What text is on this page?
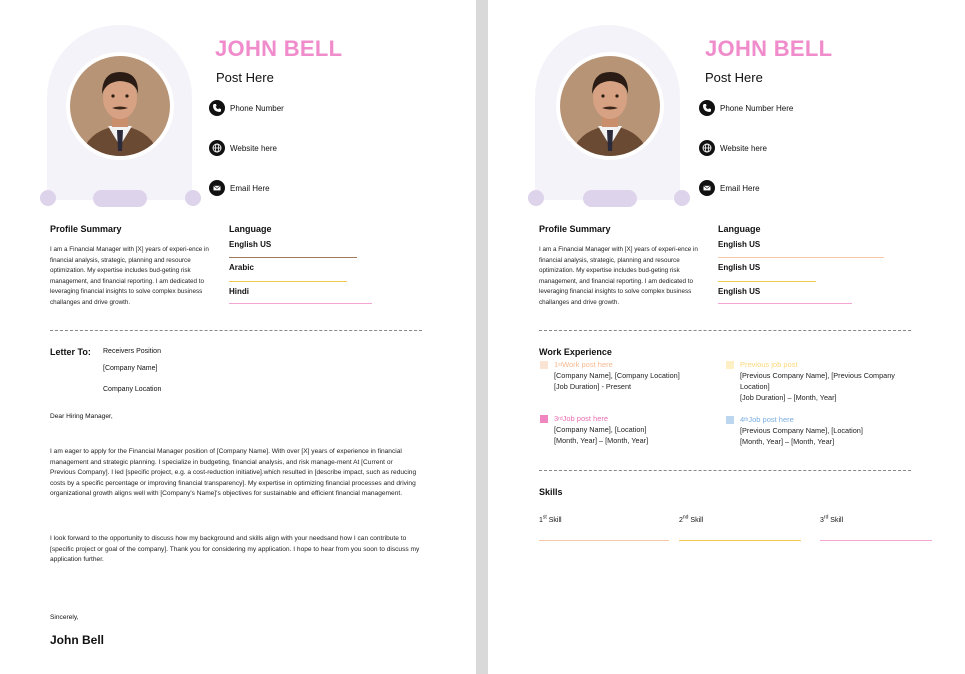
JOHN BELL
Post Here
Phone Number
Website here
Email Here
Profile Summary
I am a Financial Manager with [X] years of experi-ence in financial analysis, strategic, planning and resource optimization. My expertise includes bud-geting risk management, and financial reporting. I am dedicated to leveraging financial insights to solve complex business challanges and drive growth.
Language
English US
Arabic
Hindi
Letter To: Receivers Position
[Company Name]
Company Location
Dear Hiring Manager,
I am eager to apply for the Financial Manager position of [Company Name]. With over [X] years of experience in financial management and strategic planning. I specialize in budgeting, financial analysis, and risk manage-ment At [Current or Previous Company]. I led [specific project, e.g. a cost-reduction initiative].which resulted in [describe impact, such as reducing costs by a specific percentage or improving financial transparency]. My expertise in optimizing financial processes and driving organizational growth aligns well with [Company's Name]'s objectives for sustainable and efficient financial management.
I look forward to the opportunity to discuss how my background and skills align with your needsand how I can contribute to [specific project or goal of the company]. Thank you for considering my application. I hope to hear from you soon to discuss my application further.
Sincerely,
John Bell
JOHN BELL
Post Here
Phone Number Here
Website here
Email Here
Profile Summary
I am a Financial Manager with [X] years of experi-ence in financial analysis, strategic, planning and resource optimization. My expertise includes bud-geting risk management, and financial reporting. I am dedicated to leveraging financial insights to solve complex business challanges and drive growth.
Language
English US
English US
English US
Work Experience
1 st Work post here
[Company Name], [Company Location]
[Job Duration] - Present
Previous job post
[Previous Company Name], [Previous Company Location]
[Job Duration] – [Month, Year]
3 rd Job post here
[Company Name], [Location]
[Month, Year] – [Month, Year]
4 th Job post here
[Previous Company Name], [Location]
[Month, Year] – [Month, Year]
Skills
1st Skill	2nd Skill	3rd Skill
